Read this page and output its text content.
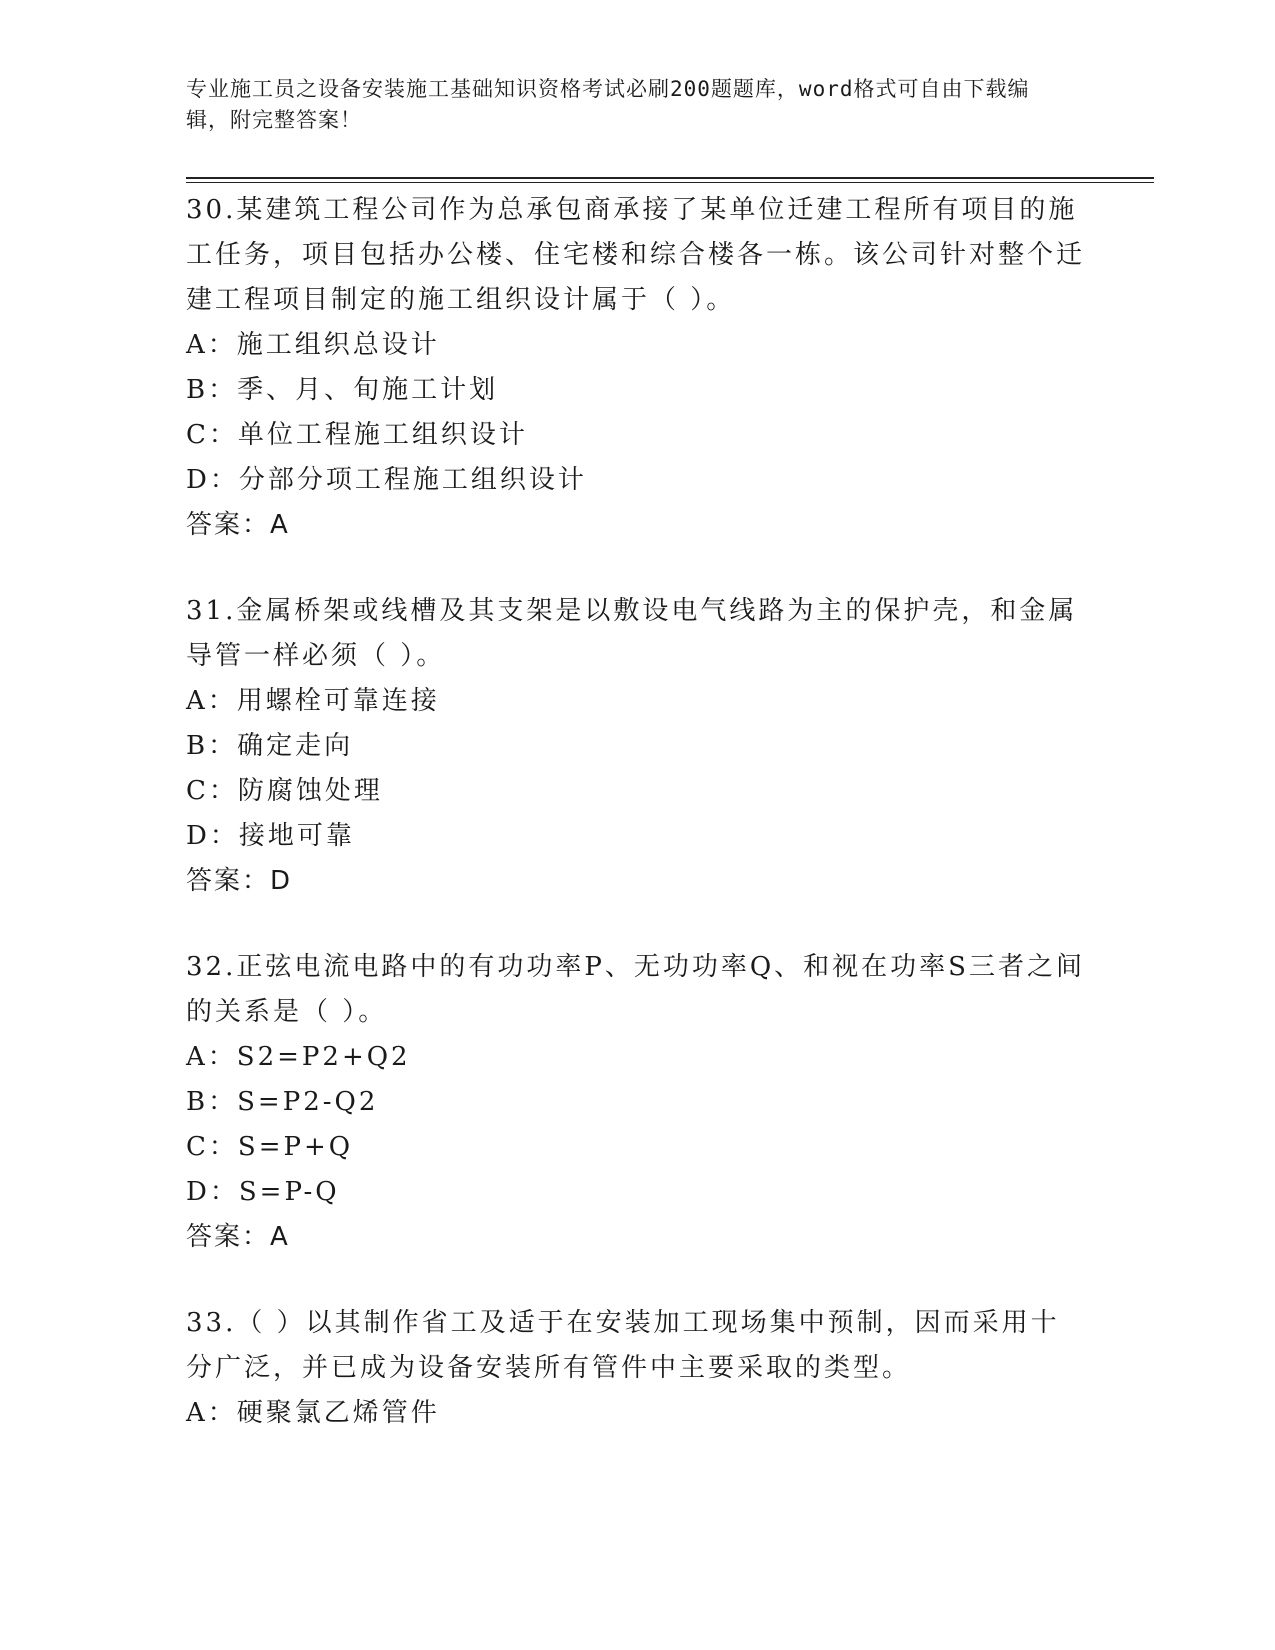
专业施工员之设备安装施工基础知识资格考试必刷200题题库，word格式可自由下载编辑，附完整答案！

30.某建筑工程公司作为总承包商承接了某单位迁建工程所有项目的施工任务，项目包括办公楼、住宅楼和综合楼各一栋。该公司针对整个迁建工程项目制定的施工组织设计属于（ ）。

A：施工组织总设计

B：季、月、旬施工计划

C：单位工程施工组织设计

D：分部分项工程施工组织设计

答案：A

31.金属桥架或线槽及其支架是以敷设电气线路为主的保护壳，和金属导管一样必须（ ）。

A：用螺栓可靠连接

B：确定走向

C：防腐蚀处理

D：接地可靠

答案：D

32.正弦电流电路中的有功功率P、无功功率Q、和视在功率S三者之间的关系是（ ）。

A：S2=P2+Q2

B：S=P2-Q2

C：S=P+Q

D：S=P-Q

答案：A

33.（ ）以其制作省工及适于在安装加工现场集中预制，因而采用十分广泛，并已成为设备安装所有管件中主要采取的类型。

A：硬聚氯乙烯管件
